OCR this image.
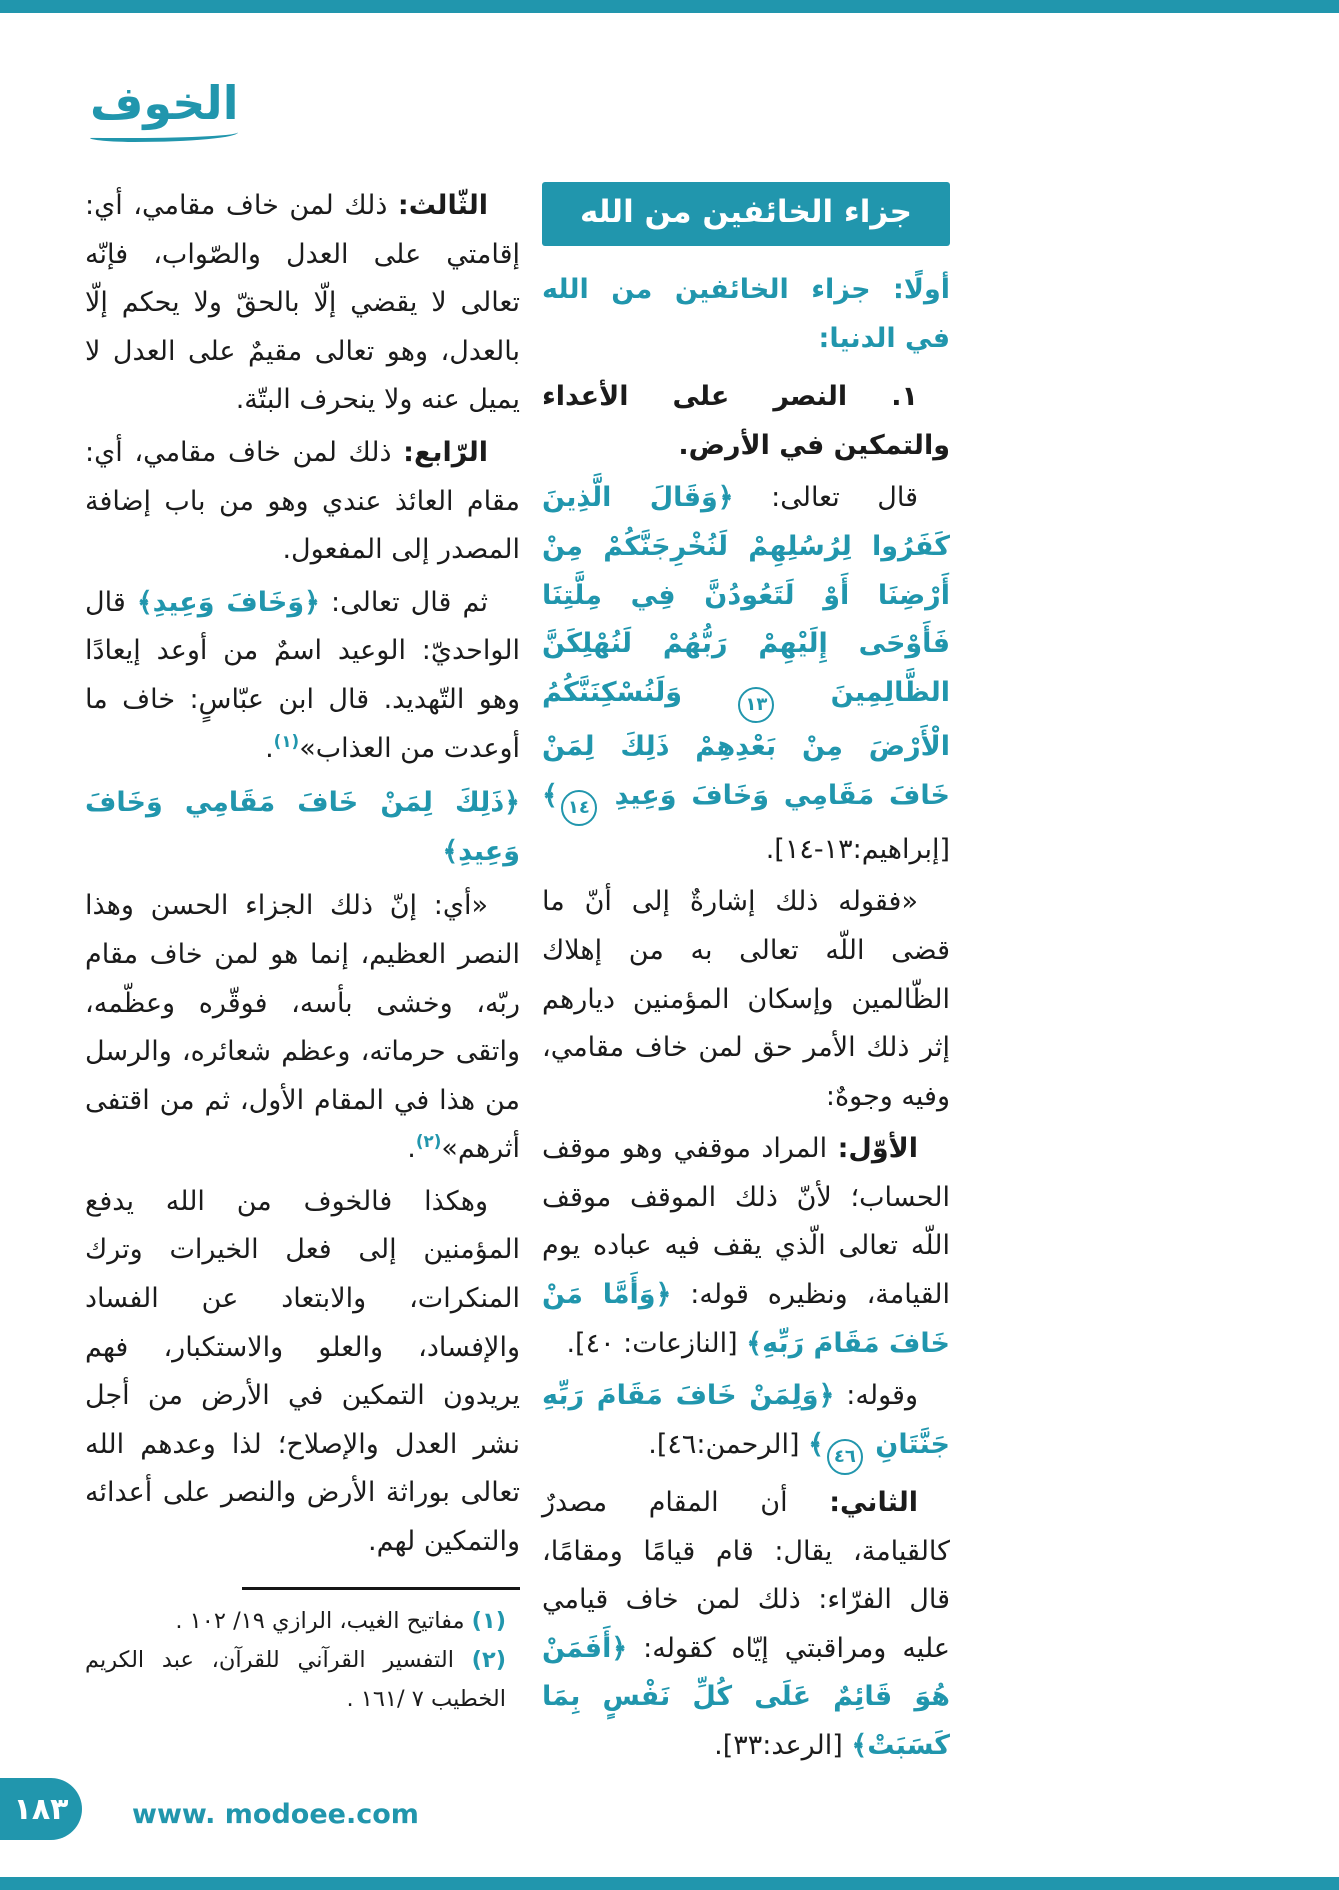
الخوف
جزاء الخائفين من الله

أولًا: جزاء الخائفين من الله في الدنيا:

١. النصر على الأعداء والتمكين في الأرض.

قال تعالى: ﴿وَقَالَ الَّذِينَ كَفَرُوا لِرُسُلِهِمْ لَنُخْرِجَنَّكُمْ مِنْ أَرْضِنَا أَوْ لَتَعُودُنَّ فِي مِلَّتِنَا فَأَوْحَى إِلَيْهِمْ رَبُّهُمْ لَنُهْلِكَنَّ الظَّالِمِينَ ١٣ وَلَنُسْكِنَنَّكُمُ الْأَرْضَ مِنْ بَعْدِهِمْ ذَلِكَ لِمَنْ خَافَ مَقَامِي وَخَافَ وَعِيدِ ١٤﴾ [إبراهيم:١٣-١٤].

«فقوله ذلك إشارةٌ إلى أنّ ما قضى اللّه تعالى به من إهلاك الظّالمين وإسكان المؤمنين ديارهم إثر ذلك الأمر حق لمن خاف مقامي، وفيه وجوهٌ:

الأوّل: المراد موقفي وهو موقف الحساب؛ لأنّ ذلك الموقف موقف اللّه تعالى الّذي يقف فيه عباده يوم القيامة، ونظيره قوله: ﴿وَأَمَّا مَنْ خَافَ مَقَامَ رَبِّهِ﴾ [النازعات: ٤٠].

وقوله: ﴿وَلِمَنْ خَافَ مَقَامَ رَبِّهِ جَنَّتَانِ ٤٦﴾ [الرحمن:٤٦].

الثاني: أن المقام مصدرٌ كالقيامة، يقال: قام قيامًا ومقامًا، قال الفرّاء: ذلك لمن خاف قيامي عليه ومراقبتي إيّاه كقوله: ﴿أَفَمَنْ هُوَ قَائِمٌ عَلَى كُلِّ نَفْسٍ بِمَا كَسَبَتْ﴾ [الرعد:٣٣].

الثّالث: ذلك لمن خاف مقامي، أي: إقامتي على العدل والصّواب، فإنّه تعالى لا يقضي إلّا بالحقّ ولا يحكم إلّا بالعدل، وهو تعالى مقيمٌ على العدل لا يميل عنه ولا ينحرف البتّة.

الرّابع: ذلك لمن خاف مقامي، أي: مقام العائذ عندي وهو من باب إضافة المصدر إلى المفعول.

ثم قال تعالى: ﴿وَخَافَ وَعِيدِ﴾ قال الواحديّ: الوعيد اسمٌ من أوعد إيعادًا وهو التّهديد. قال ابن عبّاسٍ: خاف ما أوعدت من العذاب»$^{(١)}$.

﴿ذَلِكَ لِمَنْ خَافَ مَقَامِي وَخَافَ وَعِيدِ﴾

«أي: إنّ ذلك الجزاء الحسن وهذا النصر العظيم، إنما هو لمن خاف مقام ربّه، وخشى بأسه، فوقّره وعظّمه، واتقى حرماته، وعظم شعائره، والرسل من هذا في المقام الأول، ثم من اقتفى أثرهم»$^{(٢)}$.

وهكذا فالخوف من الله يدفع المؤمنين إلى فعل الخيرات وترك المنكرات، والابتعاد عن الفساد والإفساد، والعلو والاستكبار، فهم يريدون التمكين في الأرض من أجل نشر العدل والإصلاح؛ لذا وعدهم الله تعالى بوراثة الأرض والنصر على أعدائه والتمكين لهم.

(١) مفاتيح الغيب، الرازي ١٩/ ١٠٢ .

(٢) التفسير القرآني للقرآن، عبد الكريم الخطيب ٧ /١٦١ .

١٨٣ www. modoee.com
